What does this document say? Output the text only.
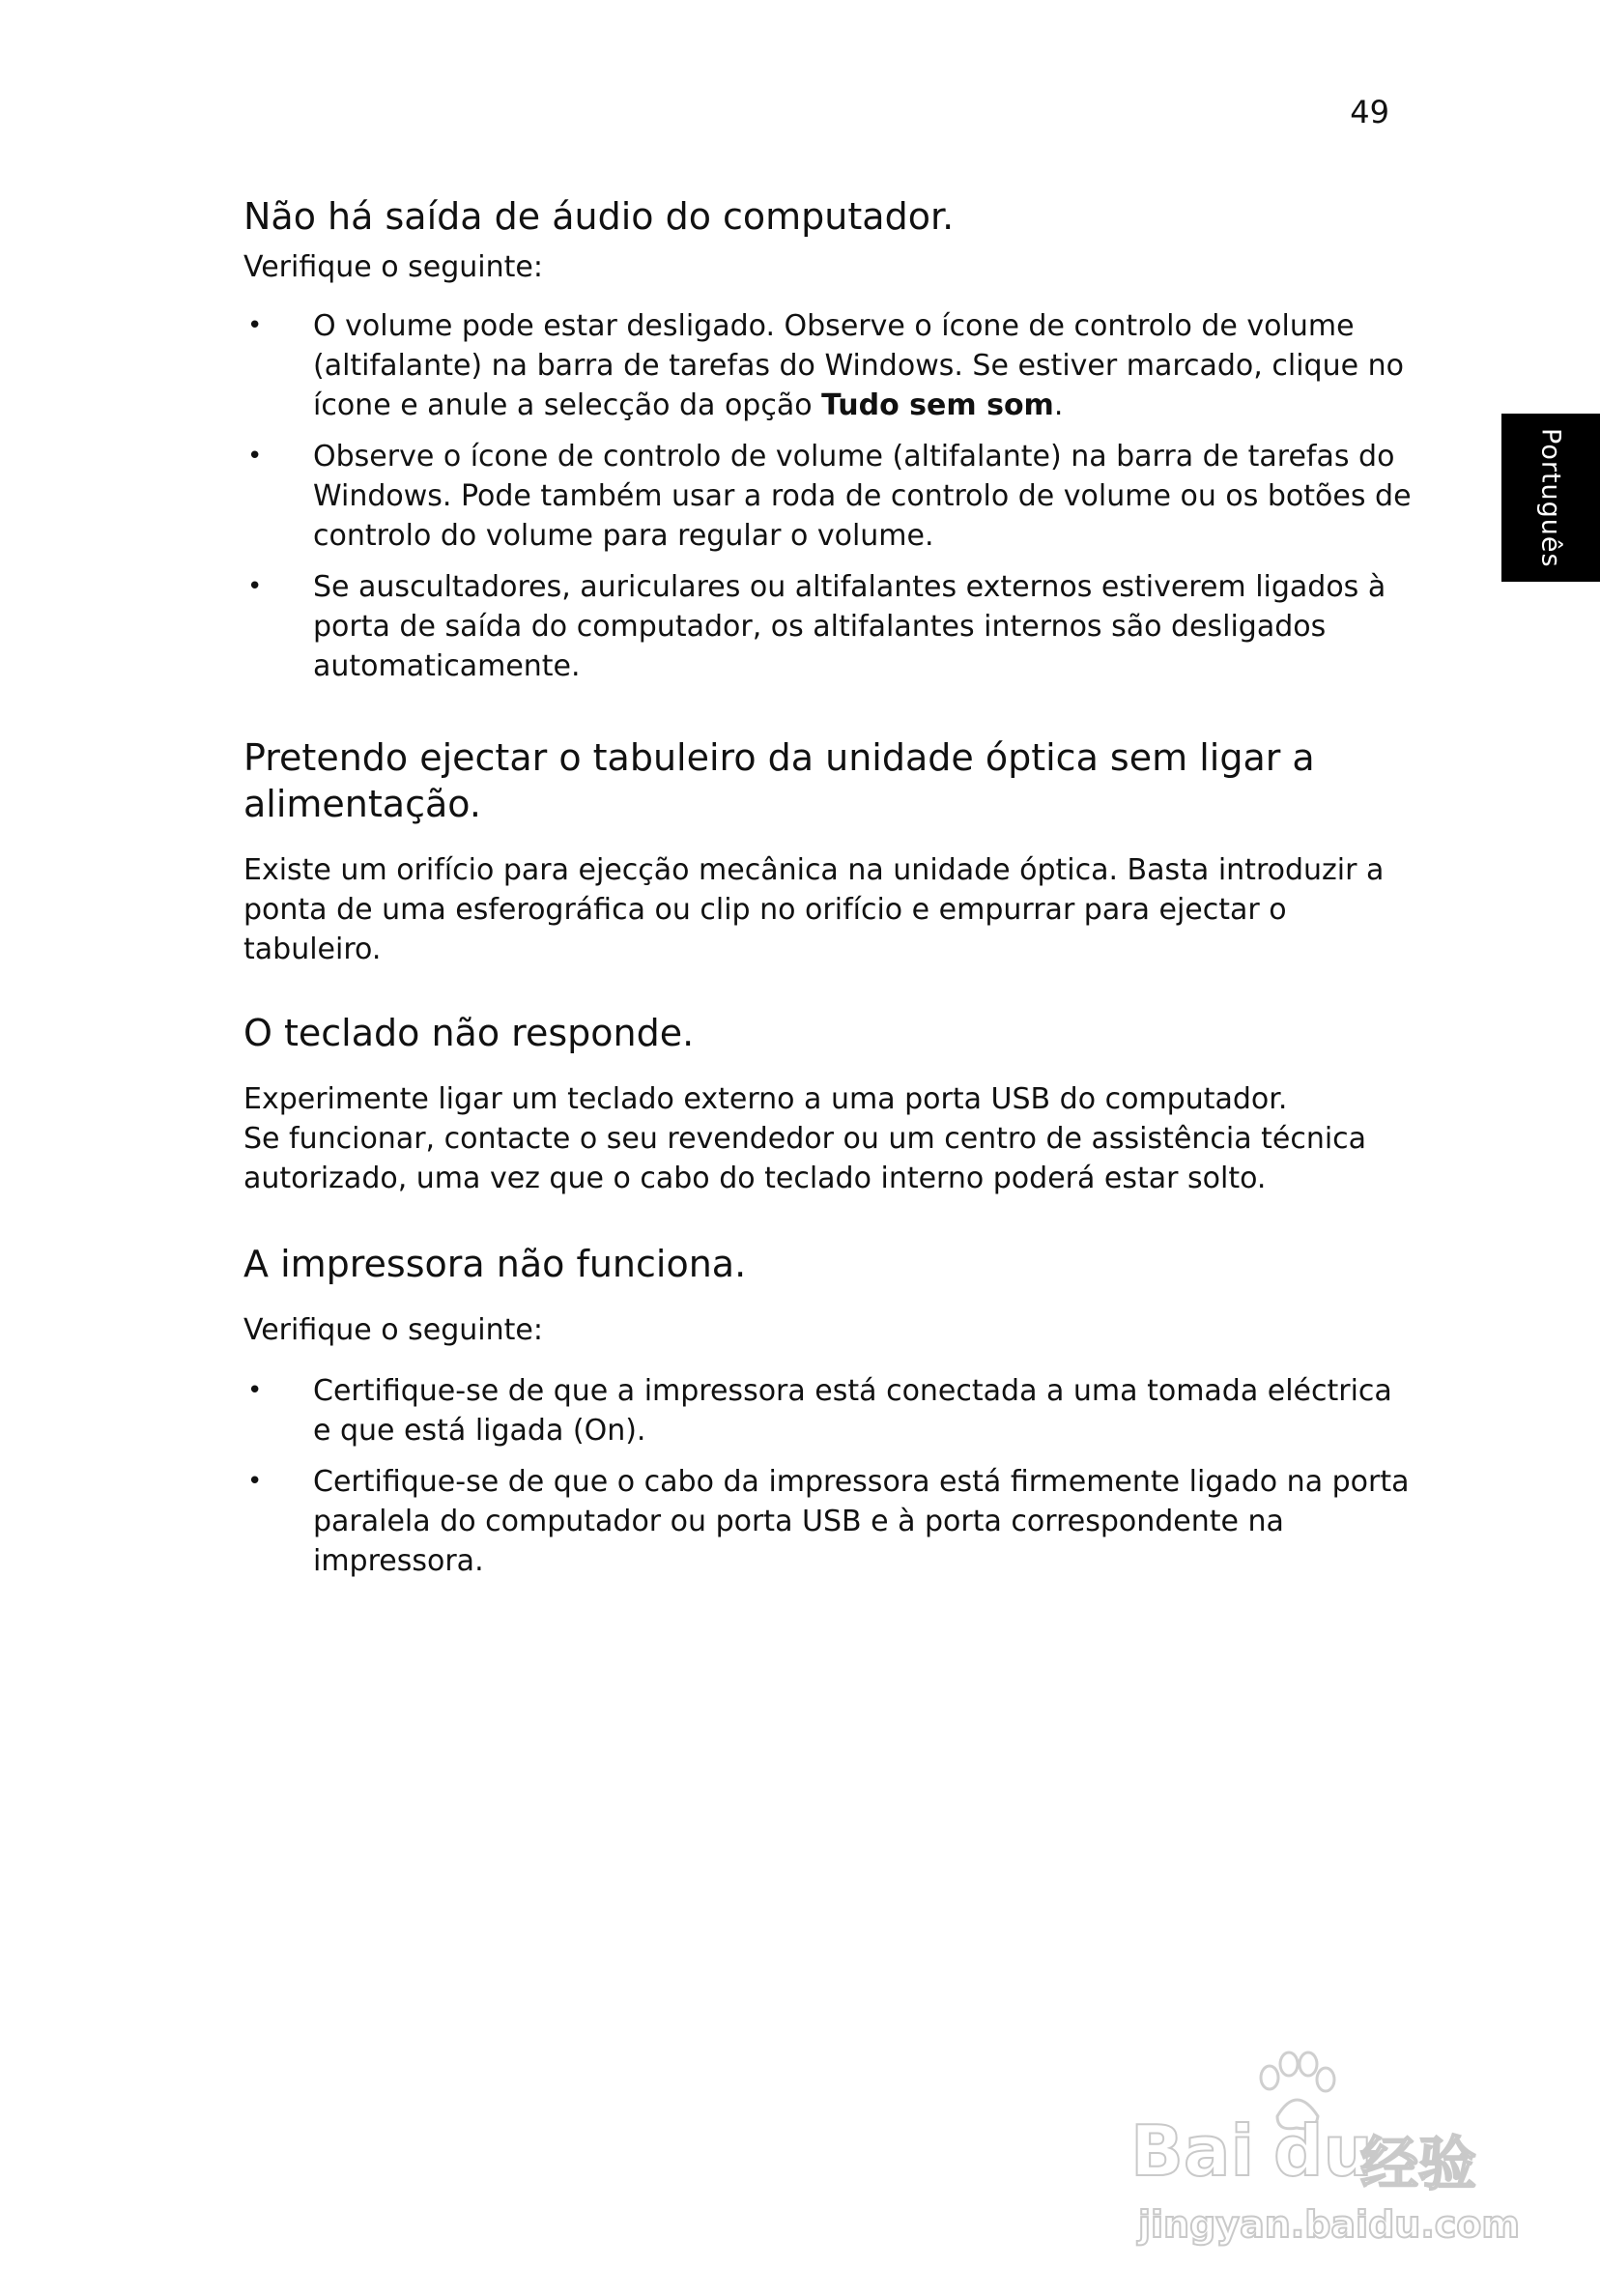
49
Português
Não há saída de áudio do computador.

Verifique o seguinte:

• O volume pode estar desligado. Observe o ícone de controlo de volume (altifalante) na barra de tarefas do Windows. Se estiver marcado, clique no ícone e anule a selecção da opção Tudo sem som.
• Observe o ícone de controlo de volume (altifalante) na barra de tarefas do Windows. Pode também usar a roda de controlo de volume ou os botões de controlo do volume para regular o volume.
• Se auscultadores, auriculares ou altifalantes externos estiverem ligados à porta de saída do computador, os altifalantes internos são desligados automaticamente.
Pretendo ejectar o tabuleiro da unidade óptica sem ligar a alimentação.

Existe um orifício para ejecção mecânica na unidade óptica. Basta introduzir a ponta de uma esferográfica ou clip no orifício e empurrar para ejectar o tabuleiro.

O teclado não responde.

Experimente ligar um teclado externo a uma porta USB do computador.

Se funcionar, contacte o seu revendedor ou um centro de assistência técnica autorizado, uma vez que o cabo do teclado interno poderá estar solto.

A impressora não funciona.

Verifique o seguinte:

• Certifique-se de que a impressora está conectada a uma tomada eléctrica e que está ligada (On).
• Certifique-se de que o cabo da impressora está firmemente ligado na porta paralela do computador ou porta USB e à porta correspondente na impressora.
Bai du
经验
jingyan.baidu.com
